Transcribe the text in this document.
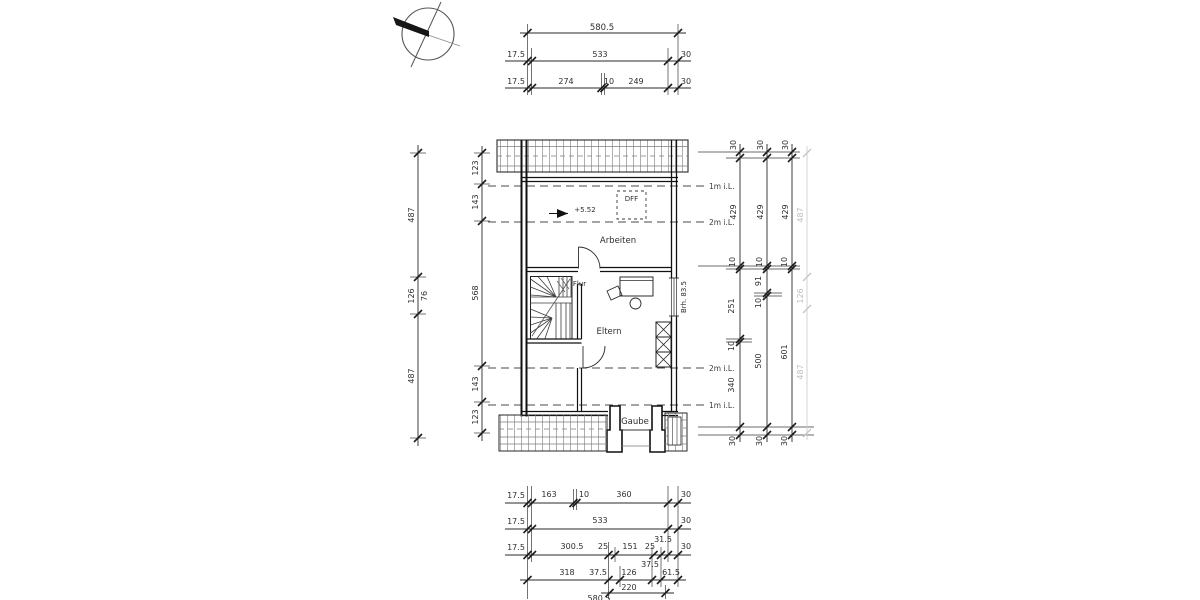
580.5
17.5	533	30
17.5	274	10 249	30
487
126 76
487
123
143
568
143
123
30
429
10
251
10
340
30
30
429
10
91
10
500
30
30
429
10
601
30
487
126
487
1m i.L.
2m i.L.
2m i.L.
1m i.L.
Brh. 83.5
DFF
+5.52
Arbeiten
Flur
Eltern
Gaube
17.5 163	10	360	30
17.5	533	30
17.5	300.5 25 151 25
31.5
30
318 37.5 126
37.5
61.5
220
580.5
